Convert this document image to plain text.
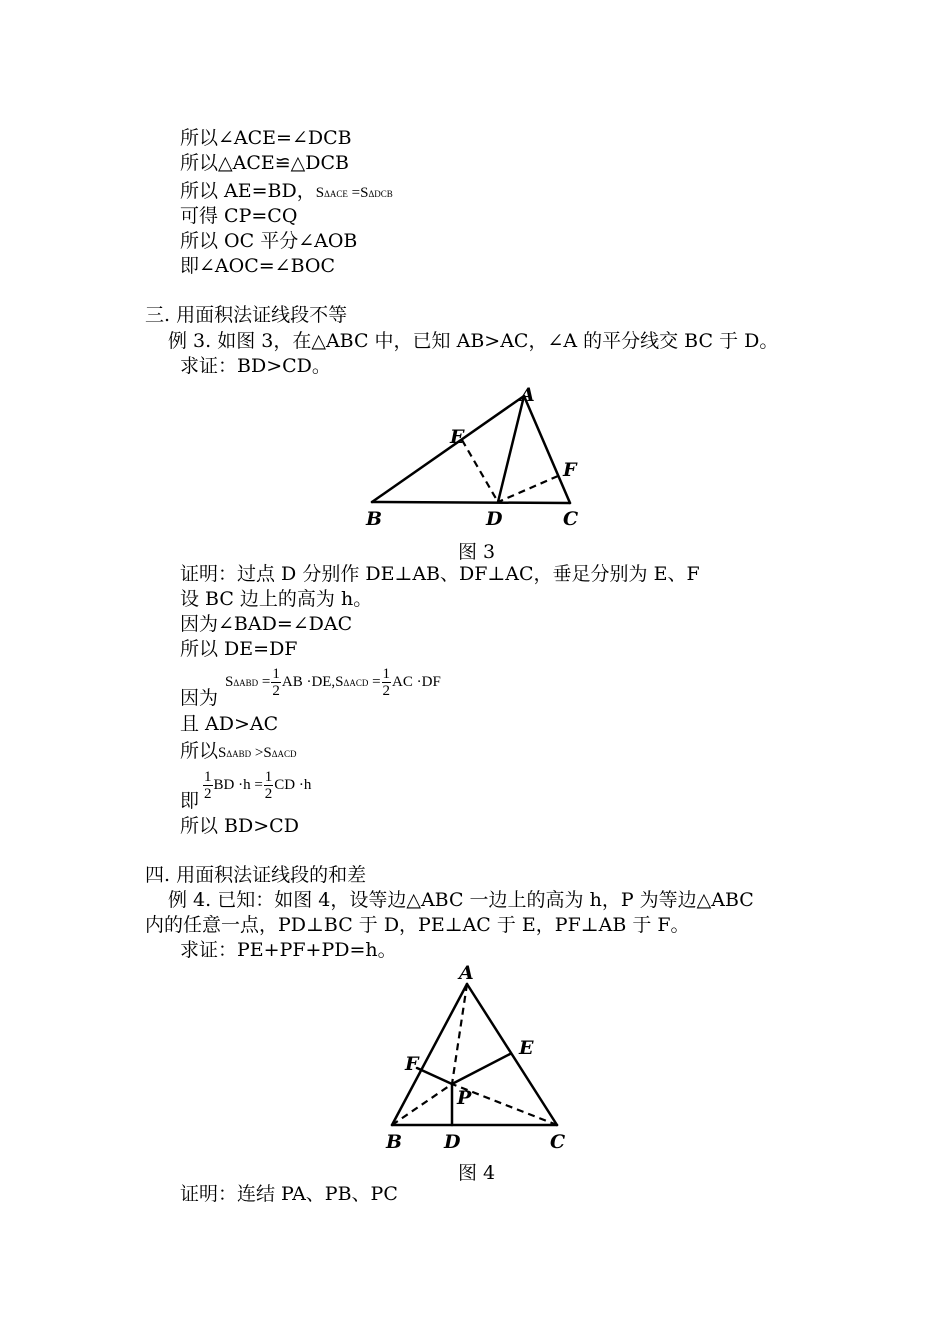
所以∠ACE=∠DCB
所以△ACE≌△DCB
所以 AE=BD，SΔACE =SΔDCB
可得 CP=CQ
所以 OC 平分∠AOB
即∠AOC=∠BOC
三. 用面积法证线段不等
例 3. 如图 3，在△ABC 中，已知 AB>AC，∠A 的平分线交 BC 于 D。
求证：BD>CD。
A
E
F
B	D	C
图 3
证明：过点 D 分别作 DE⊥AB、DF⊥AC，垂足分别为 E、F
设 BC 边上的高为 h。
因为∠BAD=∠DAC
所以 DE=DF
因为
$S\Delta ABD = \frac{1}{2}$ AB $\cdot DE,S\Delta ACD = \frac{1}{2}$ AC ·DF
且 AD>AC
所以SΔABD >SΔACD
即 $\frac{1}{2}$ BD $\cdot h = \frac{1}{2}$ CD ·h
所以 BD>CD
四. 用面积法证线段的和差
例 4. 已知：如图 4，设等边△ABC 一边上的高为 h，P 为等边△ABC
内的任意一点，PD⊥BC 于 D，PE⊥AC 于 E，PF⊥AB 于 F。
求证：PE+PF+PD=h。
A
F
E
P
B D	C
图 4
证明：连结 PA、PB、PC
